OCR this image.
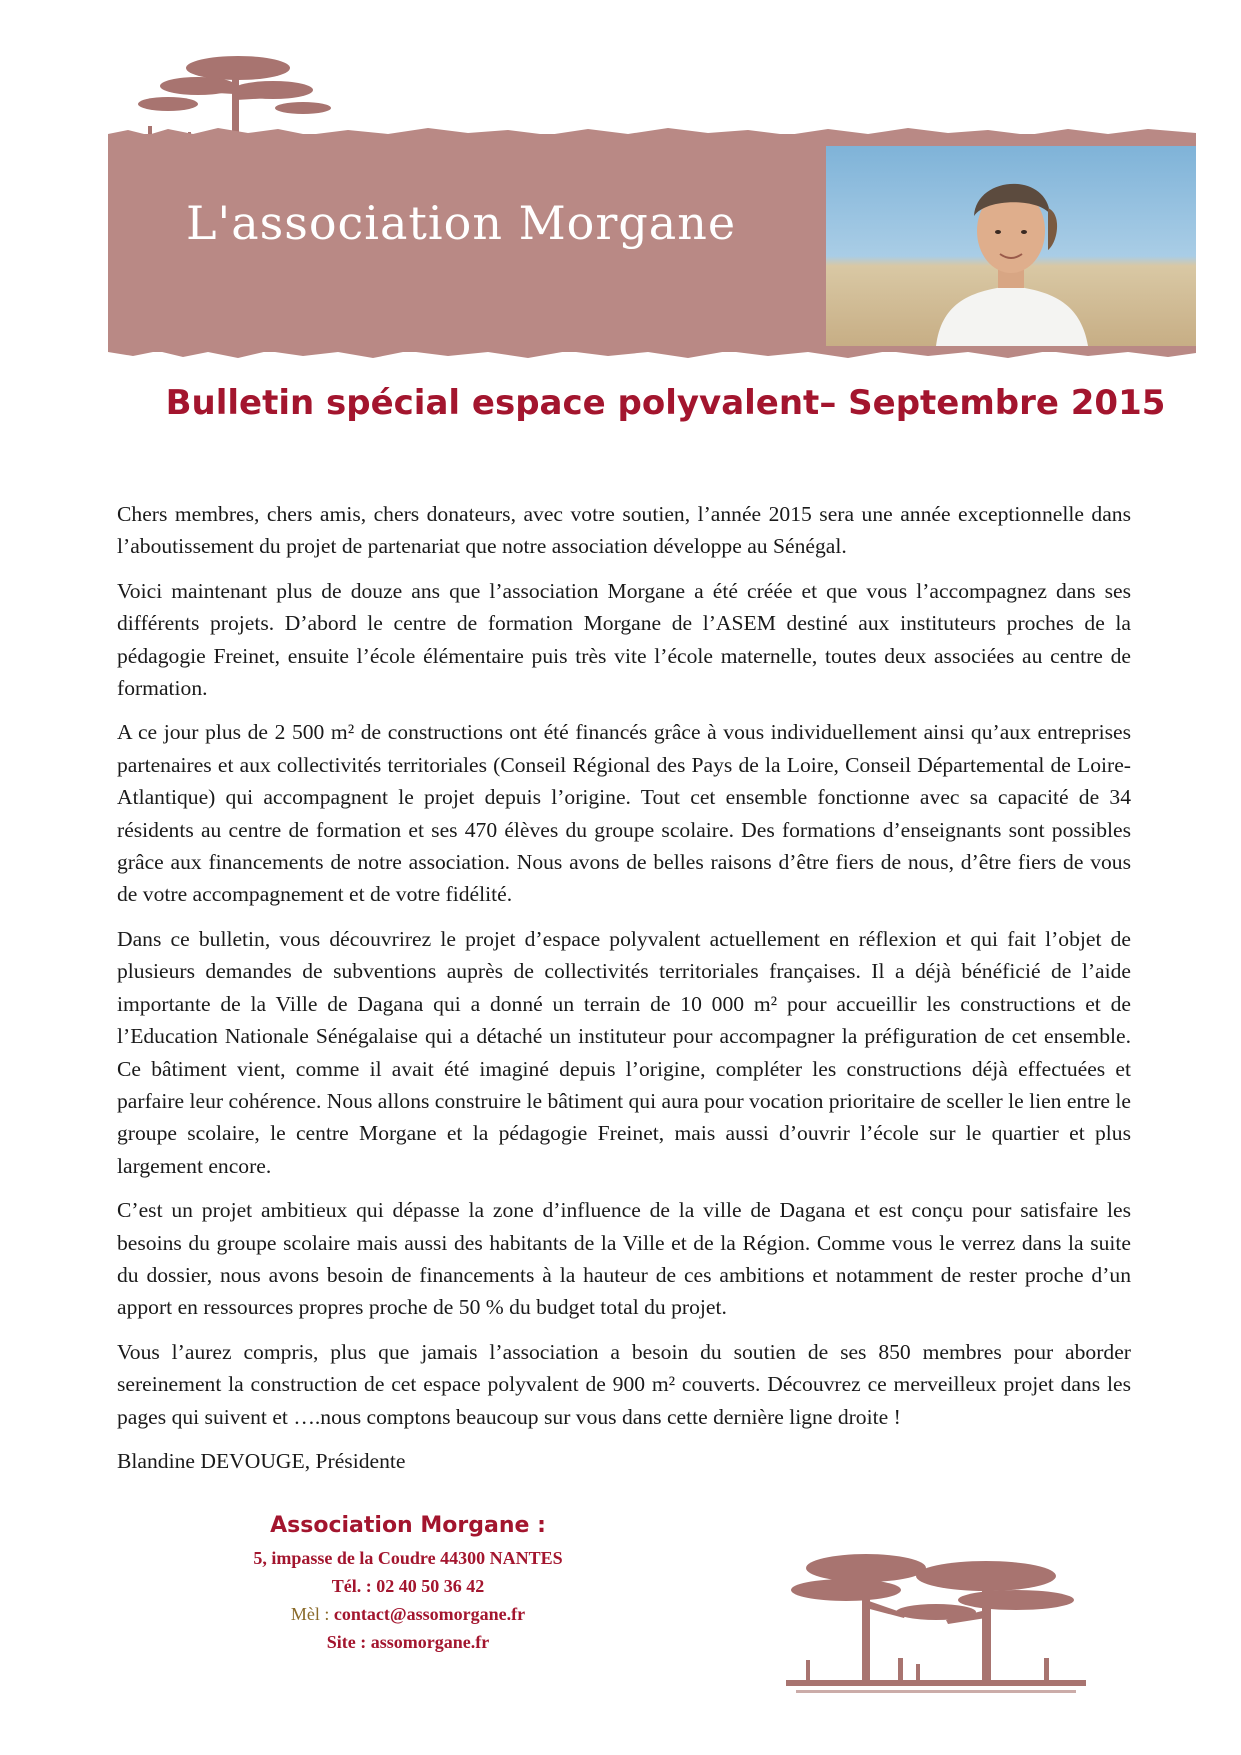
L'association Morgane
Bulletin spécial espace polyvalent– Septembre 2015

Chers membres, chers amis, chers donateurs, avec votre soutien, l’année 2015 sera une année exceptionnelle dans l’aboutissement du projet de partenariat que notre association développe au Sénégal.

Voici maintenant plus de douze ans que l’association Morgane a été créée et que vous l’accompagnez dans ses différents projets. D’abord le centre de formation Morgane de l’ASEM destiné aux instituteurs proches de la pédagogie Freinet, ensuite l’école élémentaire puis très vite l’école maternelle, toutes deux associées au centre de formation.

A ce jour plus de 2 500 m² de constructions ont été financés grâce à vous individuellement ainsi qu’aux entreprises partenaires et aux collectivités territoriales (Conseil Régional des Pays de la Loire, Conseil Départemental de Loire-Atlantique) qui accompagnent le projet depuis l’origine. Tout cet ensemble fonctionne avec sa capacité de 34 résidents au centre de formation et ses 470 élèves du groupe scolaire. Des formations d’enseignants sont possibles grâce aux financements de notre association. Nous avons de belles raisons d’être fiers de nous, d’être fiers de vous de votre accompagnement et de votre fidélité.

Dans ce bulletin, vous découvrirez le projet d’espace polyvalent actuellement en réflexion et qui fait l’objet de plusieurs demandes de subventions auprès de collectivités territoriales françaises. Il a déjà bénéficié de l’aide importante de la Ville de Dagana qui a donné un terrain de 10 000 m² pour accueillir les constructions et de l’Education Nationale Sénégalaise qui a détaché un instituteur pour accompagner la préfiguration de cet ensemble. Ce bâtiment vient, comme il avait été imaginé depuis l’origine, compléter les constructions déjà effectuées et parfaire leur cohérence. Nous allons construire le bâtiment qui aura pour vocation prioritaire de sceller le lien entre le groupe scolaire, le centre Morgane et la pédagogie Freinet, mais aussi d’ouvrir l’école sur le quartier et plus largement encore.

C’est un projet ambitieux qui dépasse la zone d’influence de la ville de Dagana et est conçu pour satisfaire les besoins du groupe scolaire mais aussi des habitants de la Ville et de la Région. Comme vous le verrez dans la suite du dossier, nous avons besoin de financements à la hauteur de ces ambitions et notamment de rester proche d’un apport en ressources propres proche de 50 % du budget total du projet.

Vous l’aurez compris, plus que jamais l’association a besoin du soutien de ses 850 membres pour aborder sereinement la construction de cet espace polyvalent de 900 m² couverts. Découvrez ce merveilleux projet dans les pages qui suivent et ….nous comptons beaucoup sur vous dans cette dernière ligne droite !

Blandine DEVOUGE, Présidente
Association Morgane :
5, impasse de la Coudre 44300 NANTES
Tél. : 02 40 50 36 42
Mèl : contact@assomorgane.fr
Site : assomorgane.fr
